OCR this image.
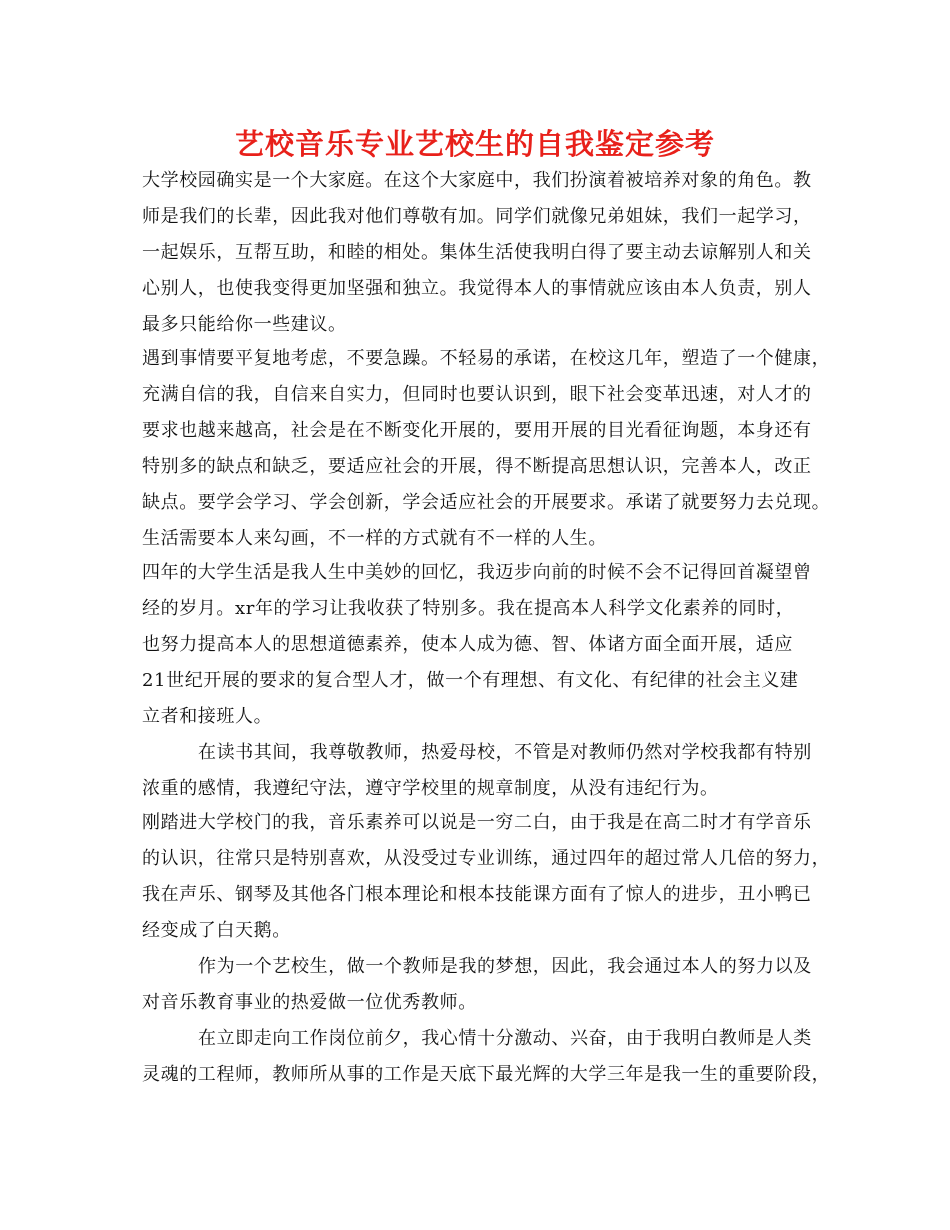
艺校音乐专业艺校生的自我鉴定参考
大学校园确实是一个大家庭。在这个大家庭中，我们扮演着被培养对象的角色。教
师是我们的长辈，因此我对他们尊敬有加。同学们就像兄弟姐妹，我们一起学习，
一起娱乐，互帮互助，和睦的相处。集体生活使我明白得了要主动去谅解别人和关
心别人，也使我变得更加坚强和独立。我觉得本人的事情就应该由本人负责，别人
最多只能给你一些建议。
遇到事情要平复地考虑，不要急躁。不轻易的承诺，在校这几年，塑造了一个健康，
充满自信的我，自信来自实力，但同时也要认识到，眼下社会变革迅速，对人才的
要求也越来越高，社会是在不断变化开展的，要用开展的目光看征询题，本身还有
特别多的缺点和缺乏，要适应社会的开展，得不断提高思想认识，完善本人，改正
缺点。要学会学习、学会创新，学会适应社会的开展要求。承诺了就要努力去兑现。
生活需要本人来勾画，不一样的方式就有不一样的人生。
四年的大学生活是我人生中美妙的回忆，我迈步向前的时候不会不记得回首凝望曾
经的岁月。xr年的学习让我收获了特别多。我在提高本人科学文化素养的同时，
也努力提高本人的思想道德素养，使本人成为德、智、体诸方面全面开展，适应
21世纪开展的要求的复合型人才，做一个有理想、有文化、有纪律的社会主义建
立者和接班人。
在读书其间，我尊敬教师，热爱母校，不管是对教师仍然对学校我都有特别
浓重的感情，我遵纪守法，遵守学校里的规章制度，从没有违纪行为。
刚踏进大学校门的我，音乐素养可以说是一穷二白，由于我是在高二时才有学音乐
的认识，往常只是特别喜欢，从没受过专业训练，通过四年的超过常人几倍的努力，
我在声乐、钢琴及其他各门根本理论和根本技能课方面有了惊人的进步，丑小鸭已
经变成了白天鹅。
作为一个艺校生，做一个教师是我的梦想，因此，我会通过本人的努力以及
对音乐教育事业的热爱做一位优秀教师。
在立即走向工作岗位前夕，我心情十分激动、兴奋，由于我明白教师是人类
灵魂的工程师，教师所从事的工作是天底下最光辉的大学三年是我一生的重要阶段，
